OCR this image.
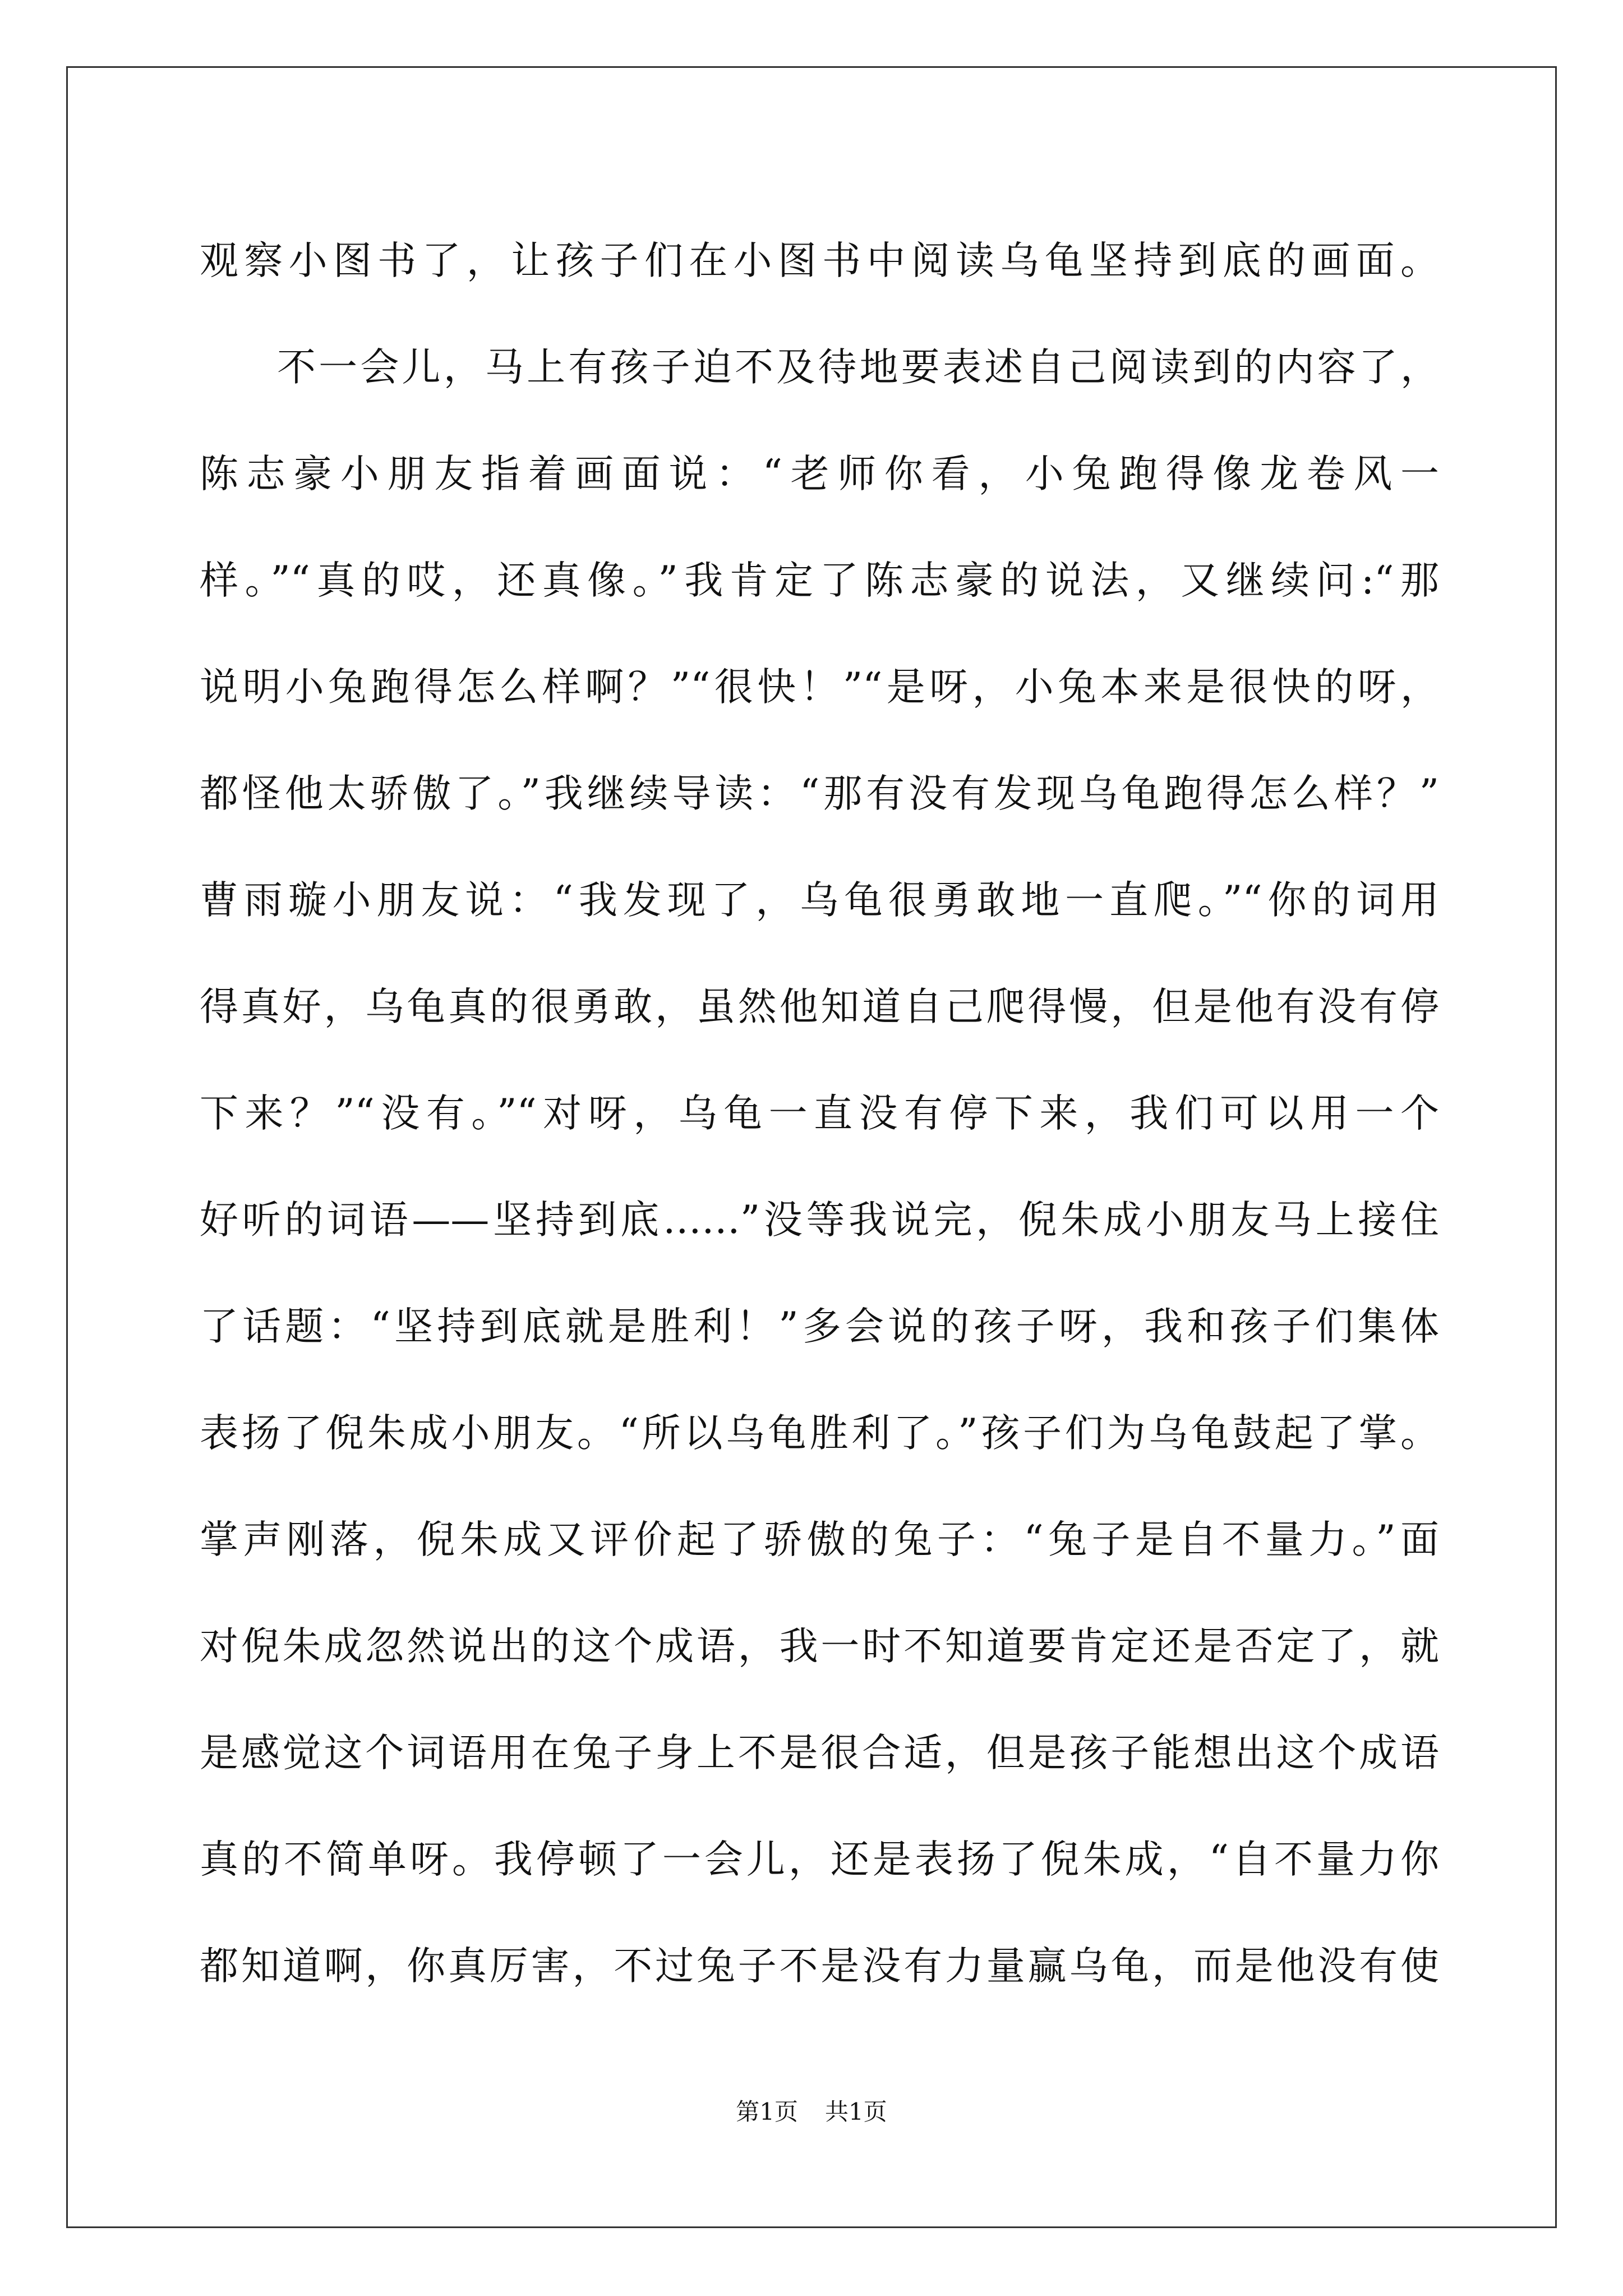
观察小图书了，让孩子们在小图书中阅读乌龟坚持到底的画面。

不一会儿，马上有孩子迫不及待地要表述自己阅读到的内容了，

陈志豪小朋友指着画面说：“老师你看，小兔跑得像龙卷风一

样。”“真的哎，还真像。”我肯定了陈志豪的说法，又继续问:“那

说明小兔跑得怎么样啊？”“很快！”“是呀，小兔本来是很快的呀，

都怪他太骄傲了。”我继续导读：“那有没有发现乌龟跑得怎么样？”

曹雨璇小朋友说：“我发现了，乌龟很勇敢地一直爬。”“你的词用

得真好，乌龟真的很勇敢，虽然他知道自己爬得慢，但是他有没有停

下来？”“没有。”“对呀，乌龟一直没有停下来，我们可以用一个

好听的词语——坚持到底……”没等我说完，倪朱成小朋友马上接住

了话题：“坚持到底就是胜利！”多会说的孩子呀，我和孩子们集体

表扬了倪朱成小朋友。“所以乌龟胜利了。”孩子们为乌龟鼓起了掌。

掌声刚落，倪朱成又评价起了骄傲的兔子：“兔子是自不量力。”面

对倪朱成忽然说出的这个成语，我一时不知道要肯定还是否定了，就

是感觉这个词语用在兔子身上不是很合适，但是孩子能想出这个成语

真的不简单呀。我停顿了一会儿，还是表扬了倪朱成，“自不量力你

都知道啊，你真厉害，不过兔子不是没有力量赢乌龟，而是他没有使

第1页 共1页
